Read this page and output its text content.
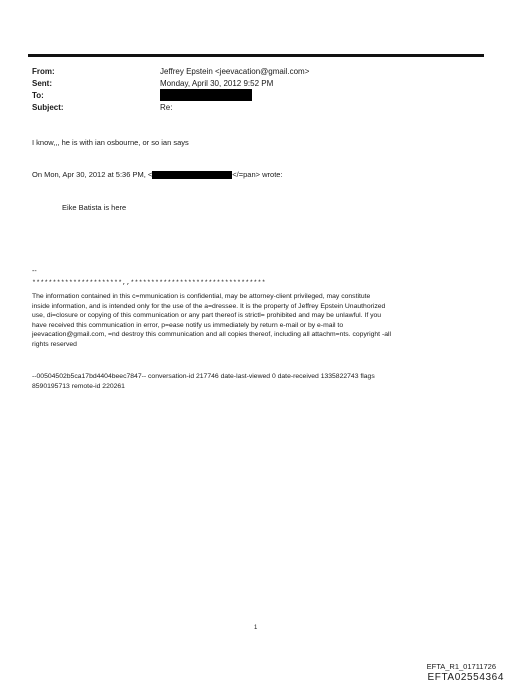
From:	Jeffrey Epstein <jeevacation@gmail.com>
Sent:	Monday, April 30, 2012 9:52 PM
To:
Subject:	Re:
I know,,, he is with ian osbourne, or so ian says
On Mon, Apr 30, 2012 at 5:36 PM, <	</=pan> wrote:
Eike Batista is here
--
**********************,,*********************************
The information contained in this c=mmunication is confidential, may be attorney-client privileged, may constitute
inside information, and is intended only for the use of the a=dressee. It is the property of Jeffrey Epstein Unauthorized
use, di=closure or copying of this communication or any part thereof is strictl= prohibited and may be unlawful. If you
have received this communication in error, p=ease notify us immediately by return e-mail or by e-mail to
jeevacation@gmail.com, =nd destroy this communication and all copies thereof, including all attachm=nts. copyright -all
rights reserved
--00504502b5ca17bd4404beec7847-- conversation-id 217746 date-last-viewed 0 date-received 1335822743 flags
8590195713 remote-id 220261
1
EFTA_R1_01711726
EFTA02554364
